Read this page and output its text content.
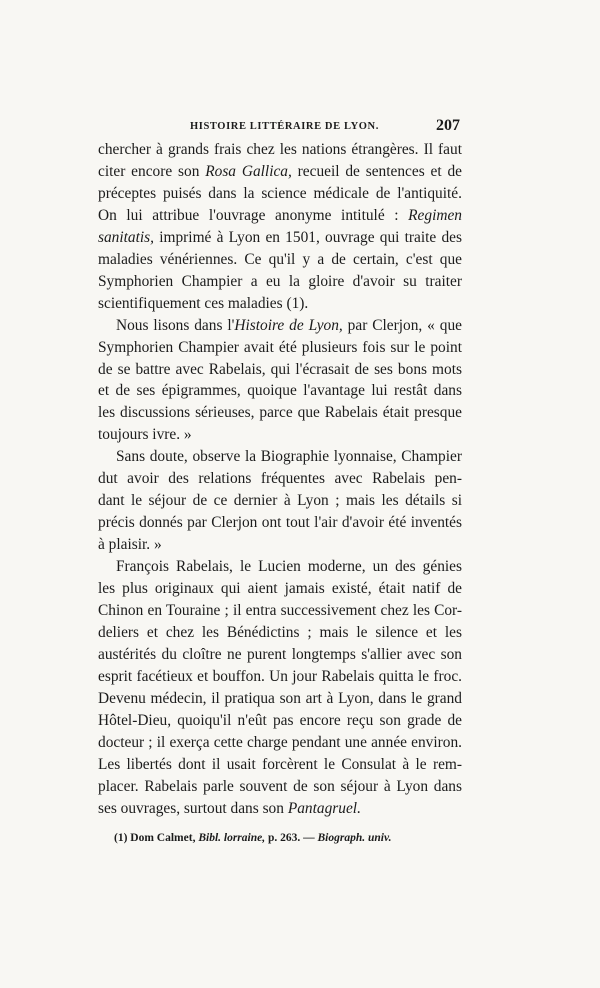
HISTOIRE LITTÉRAIRE DE LYON.	207
chercher à grands frais chez les nations étrangères. Il faut
citer encore son Rosa Gallica, recueil de sentences et de
préceptes puisés dans la science médicale de l'antiquité.
On lui attribue l'ouvrage anonyme intitulé : Regimen
sanitatis, imprimé à Lyon en 1501, ouvrage qui traite des
maladies vénériennes. Ce qu'il y a de certain, c'est que
Symphorien Champier a eu la gloire d'avoir su traiter
scientifiquement ces maladies (1).
Nous lisons dans l'Histoire de Lyon, par Clerjon, « que
Symphorien Champier avait été plusieurs fois sur le point
de se battre avec Rabelais, qui l'écrasait de ses bons mots
et de ses épigrammes, quoique l'avantage lui restât dans
les discussions sérieuses, parce que Rabelais était presque
toujours ivre. »
Sans doute, observe la Biographie lyonnaise, Champier
dut avoir des relations fréquentes avec Rabelais pen-
dant le séjour de ce dernier à Lyon ; mais les détails si
précis donnés par Clerjon ont tout l'air d'avoir été inventés
à plaisir. »
François Rabelais, le Lucien moderne, un des génies
les plus originaux qui aient jamais existé, était natif de
Chinon en Touraine ; il entra successivement chez les Cor-
deliers et chez les Bénédictins ; mais le silence et les
austérités du cloître ne purent longtemps s'allier avec son
esprit facétieux et bouffon. Un jour Rabelais quitta le froc.
Devenu médecin, il pratiqua son art à Lyon, dans le grand
Hôtel-Dieu, quoiqu'il n'eût pas encore reçu son grade de
docteur ; il exerça cette charge pendant une année environ.
Les libertés dont il usait forcèrent le Consulat à le rem-
placer. Rabelais parle souvent de son séjour à Lyon dans
ses ouvrages, surtout dans son Pantagruel.
(1) Dom Calmet, Bibl. lorraine, p. 263. — Biograph. univ.
